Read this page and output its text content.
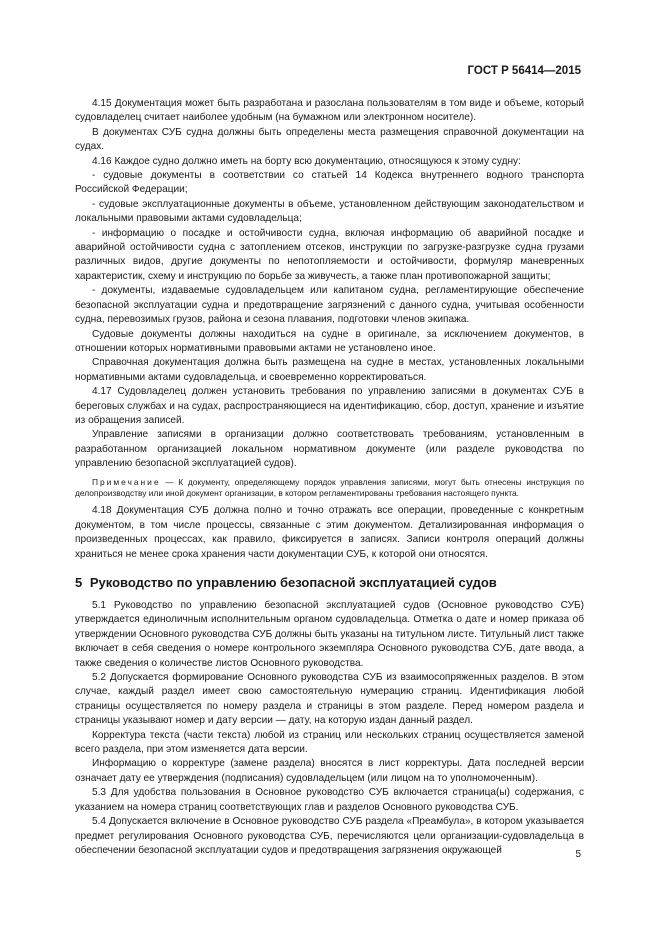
ГОСТ Р 56414—2015

4.15 Документация может быть разработана и разослана пользователям в том виде и объеме, который судовладелец считает наиболее удобным (на бумажном или электронном носителе).

В документах СУБ судна должны быть определены места размещения справочной документации на судах.

4.16 Каждое судно должно иметь на борту всю документацию, относящуюся к этому судну:

- судовые документы в соответствии со статьей 14 Кодекса внутреннего водного транспорта Российской Федерации;

- судовые эксплуатационные документы в объеме, установленном действующим законодательством и локальными правовыми актами судовладельца;

- информацию о посадке и остойчивости судна, включая информацию об аварийной посадке и аварийной остойчивости судна с затоплением отсеков, инструкции по загрузке-разгрузке судна грузами различных видов, другие документы по непотопляемости и остойчивости, формуляр маневренных характеристик, схему и инструкцию по борьбе за живучесть, а также план противопожарной защиты;

- документы, издаваемые судовладельцем или капитаном судна, регламентирующие обеспечение безопасной эксплуатации судна и предотвращение загрязнений с данного судна, учитывая особенности судна, перевозимых грузов, района и сезона плавания, подготовки членов экипажа.

Судовые документы должны находиться на судне в оригинале, за исключением документов, в отношении которых нормативными правовыми актами не установлено иное.

Справочная документация должна быть размещена на судне в местах, установленных локальными нормативными актами судовладельца, и своевременно корректироваться.

4.17 Судовладелец должен установить требования по управлению записями в документах СУБ в береговых службах и на судах, распространяющиеся на идентификацию, сбор, доступ, хранение и изъятие из обращения записей.

Управление записями в организации должно соответствовать требованиям, установленным в разработанном организацией локальном нормативном документе (или разделе руководства по управлению безопасной эксплуатацией судов).

Примечание — К документу, определяющему порядок управления записями, могут быть отнесены инструкция по делопроизводству или иной документ организации, в котором регламентированы требования настоящего пункта.

4.18 Документация СУБ должна полно и точно отражать все операции, проведенные с конкретным документом, в том числе процессы, связанные с этим документом. Детализированная информация о произведенных процессах, как правило, фиксируется в записях. Записи контроля операций должны храниться не менее срока хранения части документации СУБ, к которой они относятся.

5 Руководство по управлению безопасной эксплуатацией судов

5.1 Руководство по управлению безопасной эксплуатацией судов (Основное руководство СУБ) утверждается единоличным исполнительным органом судовладельца. Отметка о дате и номер приказа об утверждении Основного руководства СУБ должны быть указаны на титульном листе. Титульный лист также включает в себя сведения о номере контрольного экземпляра Основного руководства СУБ, дате ввода, а также сведения о количестве листов Основного руководства.

5.2 Допускается формирование Основного руководства СУБ из взаимосопряженных разделов. В этом случае, каждый раздел имеет свою самостоятельную нумерацию страниц. Идентификация любой страницы осуществляется по номеру раздела и страницы в этом разделе. Перед номером раздела и страницы указывают номер и дату версии — дату, на которую издан данный раздел.

Корректура текста (части текста) любой из страниц или нескольких страниц осуществляется заменой всего раздела, при этом изменяется дата версии.

Информацию о корректуре (замене раздела) вносятся в лист корректуры. Дата последней версии означает дату ее утверждения (подписания) судовладельцем (или лицом на то уполномоченным).

5.3 Для удобства пользования в Основное руководство СУБ включается страница(ы) содержания, с указанием на номера страниц соответствующих глав и разделов Основного руководства СУБ.

5.4 Допускается включение в Основное руководство СУБ раздела «Преамбула», в котором указывается предмет регулирования Основного руководства СУБ, перечисляются цели организации-судовладельца в обеспечении безопасной эксплуатации судов и предотвращения загрязнения окружающей	5
